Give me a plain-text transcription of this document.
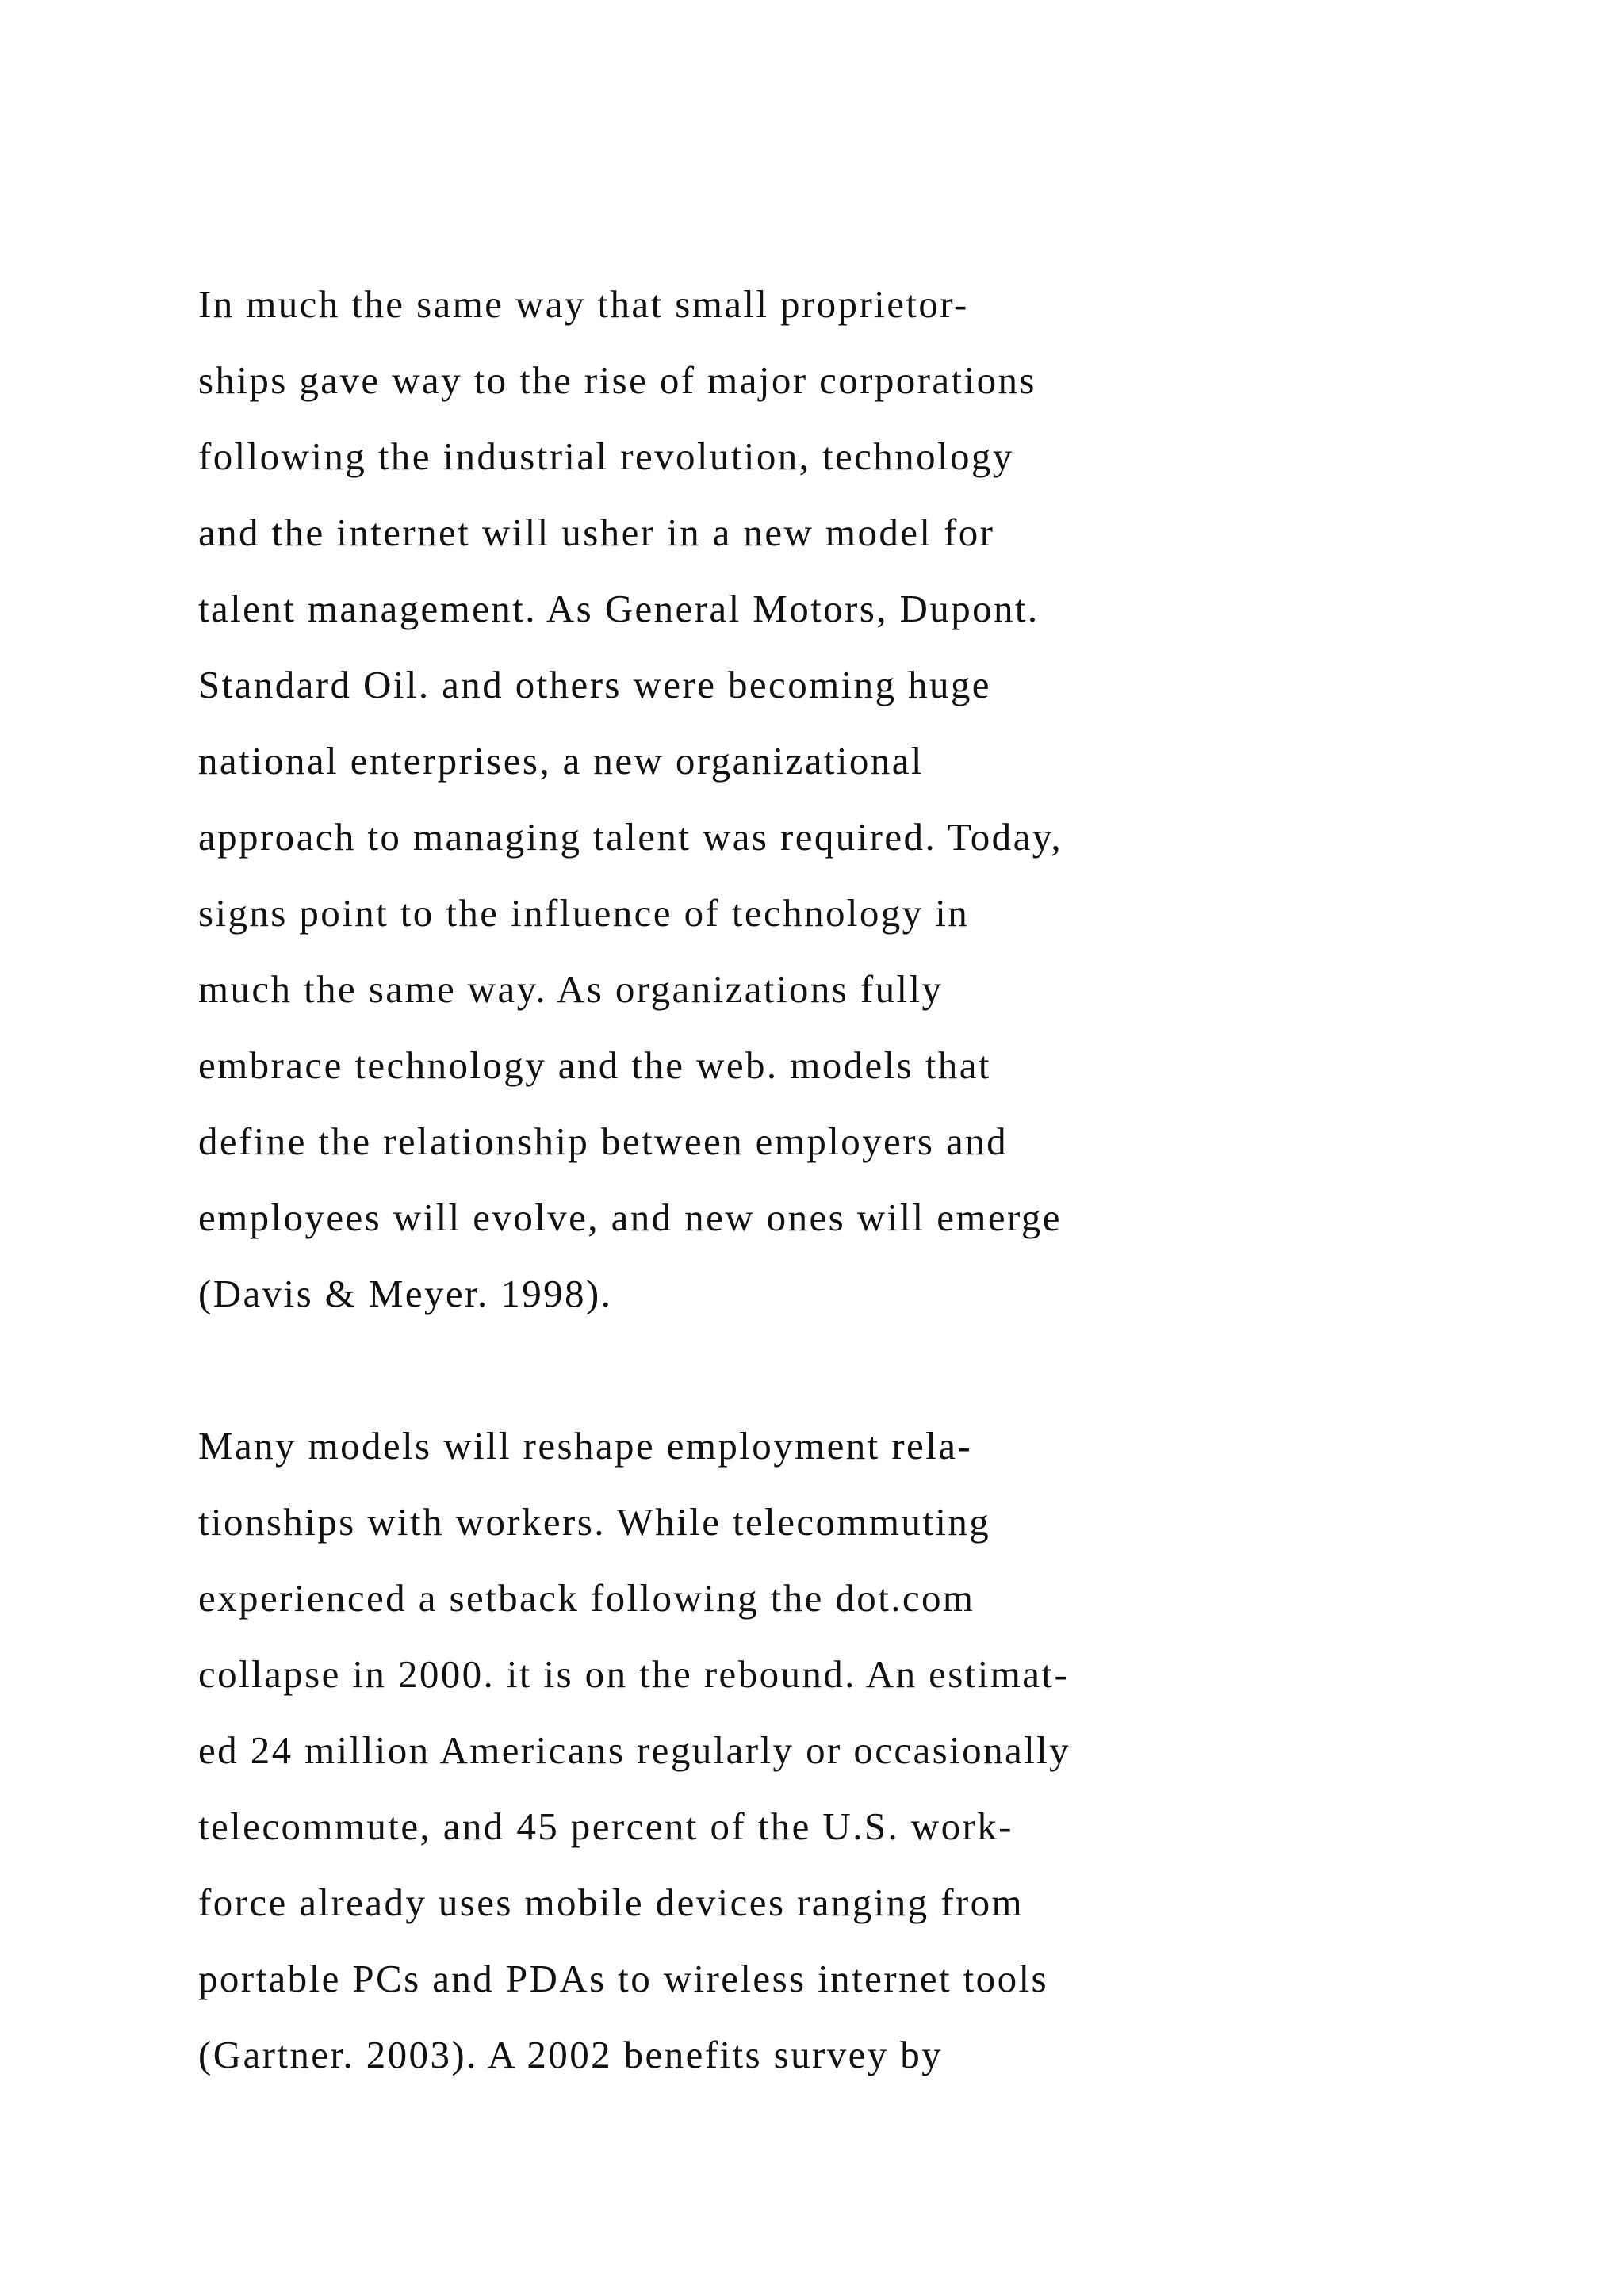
In much the same way that small proprietor-
ships gave way to the rise of major corporations
following the industrial revolution, technology
and the internet will usher in a new model for
talent management. As General Motors, Dupont.
Standard Oil. and others were becoming huge
national enterprises, a new organizational
approach to managing talent was required. Today,
signs point to the influence of technology in
much the same way. As organizations fully
embrace technology and the web. models that
define the relationship between employers and
employees will evolve, and new ones will emerge
(Davis & Meyer. 1998).
Many models will reshape employment rela-
tionships with workers. While telecommuting
experienced a setback following the dot.com
collapse in 2000. it is on the rebound. An estimat-
ed 24 million Americans regularly or occasionally
telecommute, and 45 percent of the U.S. work-
force already uses mobile devices ranging from
portable PCs and PDAs to wireless internet tools
(Gartner. 2003). A 2002 benefits survey by
